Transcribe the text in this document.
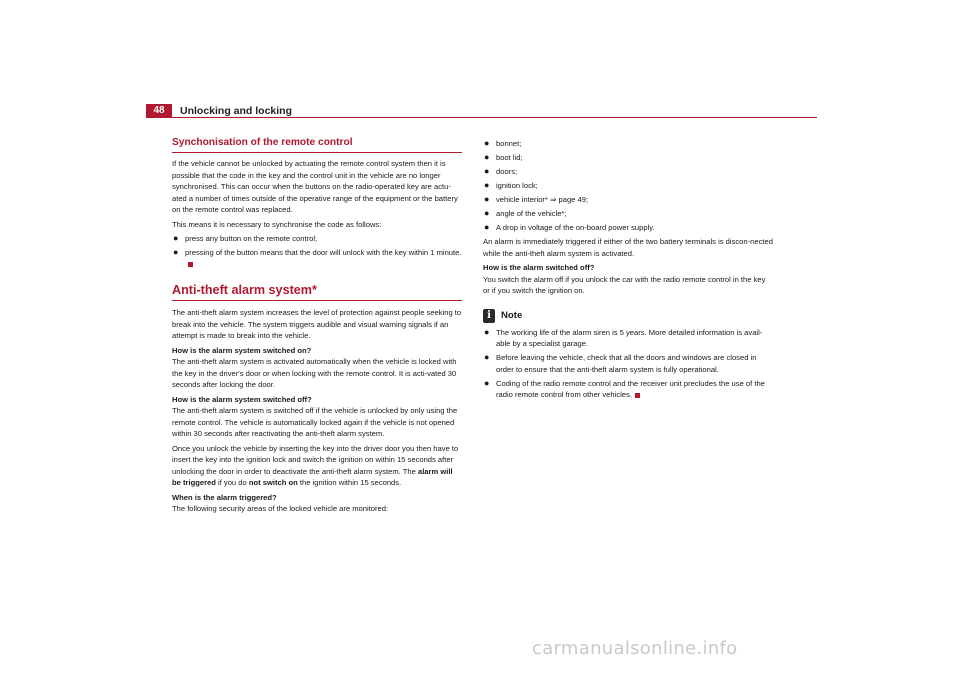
48	Unlocking and locking
Synchonisation of the remote control

If the vehicle cannot be unlocked by actuating the remote control system then it is possible that the code in the key and the control unit in the vehicle are no longer synchronised. This can occur when the buttons on the radio-operated key are actu-ated a number of times outside of the operative range of the equipment or the battery on the remote control was replaced.

This means it is necessary to synchronise the code as follows:

● press any button on the remote control;
● pressing of the button means that the door will unlock with the key within 1 minute.
Anti-theft alarm system*

The anti-theft alarm system increases the level of protection against people seeking to break into the vehicle. The system triggers audible and visual warning signals if an attempt is made to break into the vehicle.

How is the alarm system switched on?

The anti-theft alarm system is activated automatically when the vehicle is locked with the key in the driver's door or when locking with the remote control. It is acti-vated 30 seconds after locking the door.

How is the alarm system switched off?

The anti-theft alarm system is switched off if the vehicle is unlocked by only using the remote control. The vehicle is automatically locked again if the vehicle is not opened within 30 seconds after reactivating the anti-theft alarm system.

Once you unlock the vehicle by inserting the key into the driver door you then have to insert the key into the ignition lock and switch the ignition on within 15 seconds after unlocking the door in order to deactivate the anti-theft alarm system. The alarm will be triggered if you do not switch on the ignition within 15 seconds.

When is the alarm triggered?

The following security areas of the locked vehicle are monitored:

● bonnet;
● boot lid;
● doors;
● ignition lock;
● vehicle interior* ⇒ page 49;
● angle of the vehicle*;
● A drop in voltage of the on-board power supply.

An alarm is immediately triggered if either of the two battery terminals is discon-nected while the anti-theft alarm system is activated.

How is the alarm switched off?

You switch the alarm off if you unlock the car with the radio remote control in the key or if you switch the ignition on.

i	Note
● The working life of the alarm siren is 5 years. More detailed information is avail-able by a specialist garage.
● Before leaving the vehicle, check that all the doors and windows are closed in order to ensure that the anti-theft alarm system is fully operational.
● Coding of the radio remote control and the receiver unit precludes the use of the radio remote control from other vehicles.
carmanualsonline.info
